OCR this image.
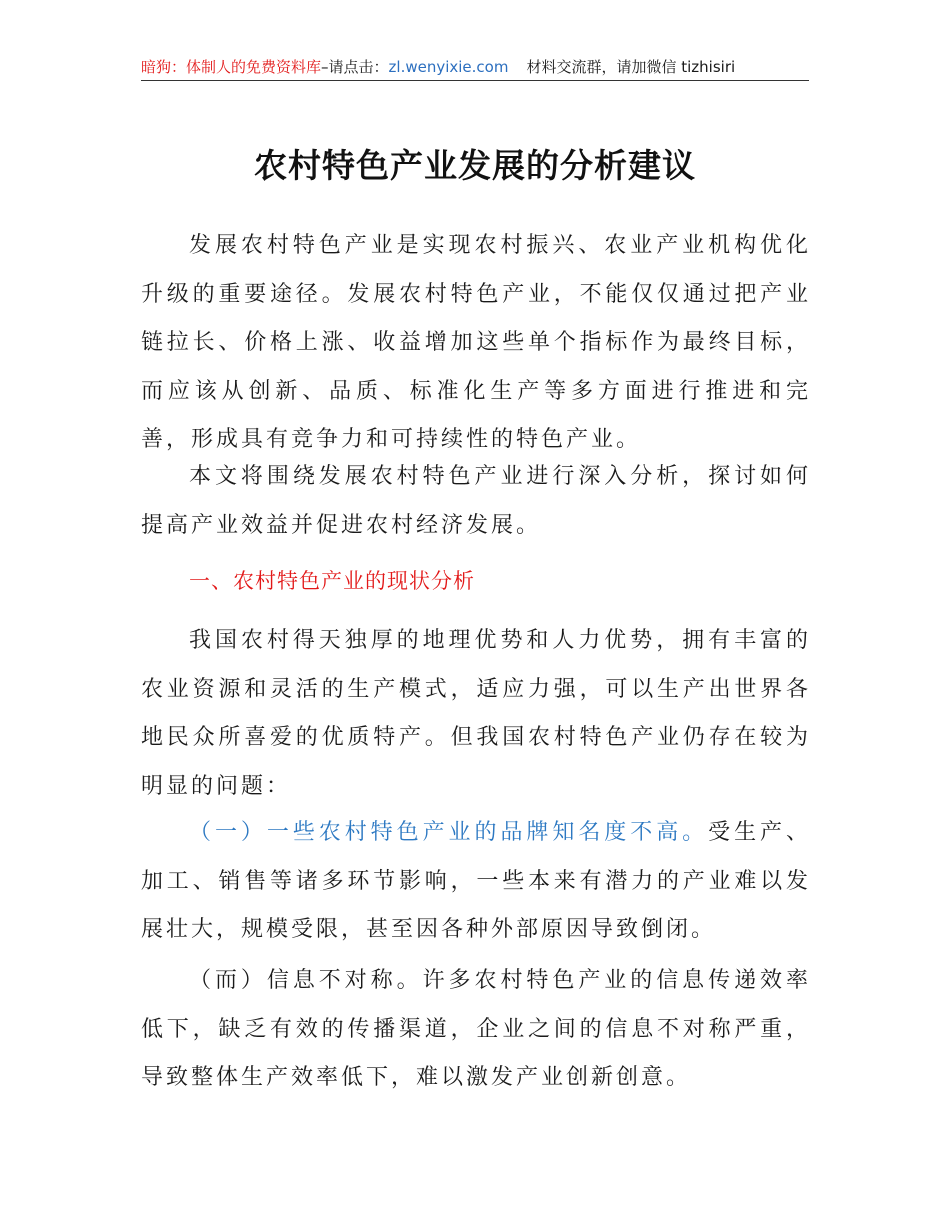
暗狗：体制人的免费资料库–请点击：zl.wenyixie.com 材料交流群，请加微信 tizhisiri
农村特色产业发展的分析建议

发展农村特色产业是实现农村振兴、农业产业机构优化升级的重要途径。发展农村特色产业，不能仅仅通过把产业链拉长、价格上涨、收益增加这些单个指标作为最终目标，而应该从创新、品质、标准化生产等多方面进行推进和完善，形成具有竞争力和可持续性的特色产业。

本文将围绕发展农村特色产业进行深入分析，探讨如何提高产业效益并促进农村经济发展。

一、农村特色产业的现状分析

我国农村得天独厚的地理优势和人力优势，拥有丰富的农业资源和灵活的生产模式，适应力强，可以生产出世界各地民众所喜爱的优质特产。但我国农村特色产业仍存在较为明显的问题：

（一）一些农村特色产业的品牌知名度不高。受生产、加工、销售等诸多环节影响，一些本来有潜力的产业难以发展壮大，规模受限，甚至因各种外部原因导致倒闭。

（而）信息不对称。许多农村特色产业的信息传递效率低下，缺乏有效的传播渠道，企业之间的信息不对称严重，导致整体生产效率低下，难以激发产业创新创意。
